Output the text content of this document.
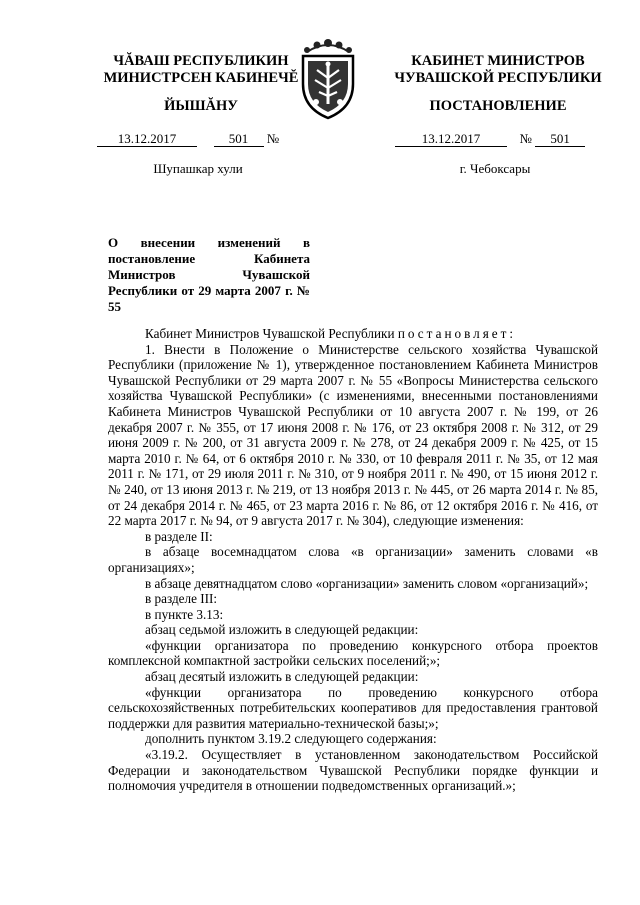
ЧĂВАШ РЕСПУБЛИКИН
МИНИСТРСЕН КАБИНЕЧĔ
ЙЫШĂНУ
КАБИНЕТ МИНИСТРОВ
ЧУВАШСКОЙ РЕСПУБЛИКИ
ПОСТАНОВЛЕНИЕ
13.12.2017	501 №	13.12.2017	№ 501
Шупашкар хули	г. Чебоксары
О внесении изменений в постановление Кабинета Министров Чувашской Республики от 29 марта 2007 г. № 55

Кабинет Министров Чувашской Республики постановляет:

1. Внести в Положение о Министерстве сельского хозяйства Чувашской Республики (приложение № 1), утвержденное постановлением Кабинета Министров Чувашской Республики от 29 марта 2007 г. № 55 «Вопросы Министерства сельского хозяйства Чувашской Республики» (с изменениями, внесенными постановлениями Кабинета Министров Чувашской Республики от 10 августа 2007 г. № 199, от 26 декабря 2007 г. № 355, от 17 июня 2008 г. № 176, от 23 октября 2008 г. № 312, от 29 июня 2009 г. № 200, от 31 августа 2009 г. № 278, от 24 декабря 2009 г. № 425, от 15 марта 2010 г. № 64, от 6 октября 2010 г. № 330, от 10 февраля 2011 г. № 35, от 12 мая 2011 г. № 171, от 29 июля 2011 г. № 310, от 9 ноября 2011 г. № 490, от 15 июня 2012 г. № 240, от 13 июня 2013 г. № 219, от 13 ноября 2013 г. № 445, от 26 марта 2014 г. № 85, от 24 декабря 2014 г. № 465, от 23 марта 2016 г. № 86, от 12 октября 2016 г. № 416, от 22 марта 2017 г. № 94, от 9 августа 2017 г. № 304), следующие изменения:

в разделе II:

в абзаце восемнадцатом слова «в организации» заменить словами «в организациях»;

в абзаце девятнадцатом слово «организации» заменить словом «организаций»;

в разделе III:

в пункте 3.13:

абзац седьмой изложить в следующей редакции:

«функции организатора по проведению конкурсного отбора проектов комплексной компактной застройки сельских поселений;»;

абзац десятый изложить в следующей редакции:

«функции организатора по проведению конкурсного отбора сельскохозяйственных потребительских кооперативов для предоставления грантовой поддержки для развития материально-технической базы;»;

дополнить пунктом 3.19.2 следующего содержания:

«3.19.2. Осуществляет в установленном законодательством Российской Федерации и законодательством Чувашской Республики порядке функции и полномочия учредителя в отношении подведомственных организаций.»;
